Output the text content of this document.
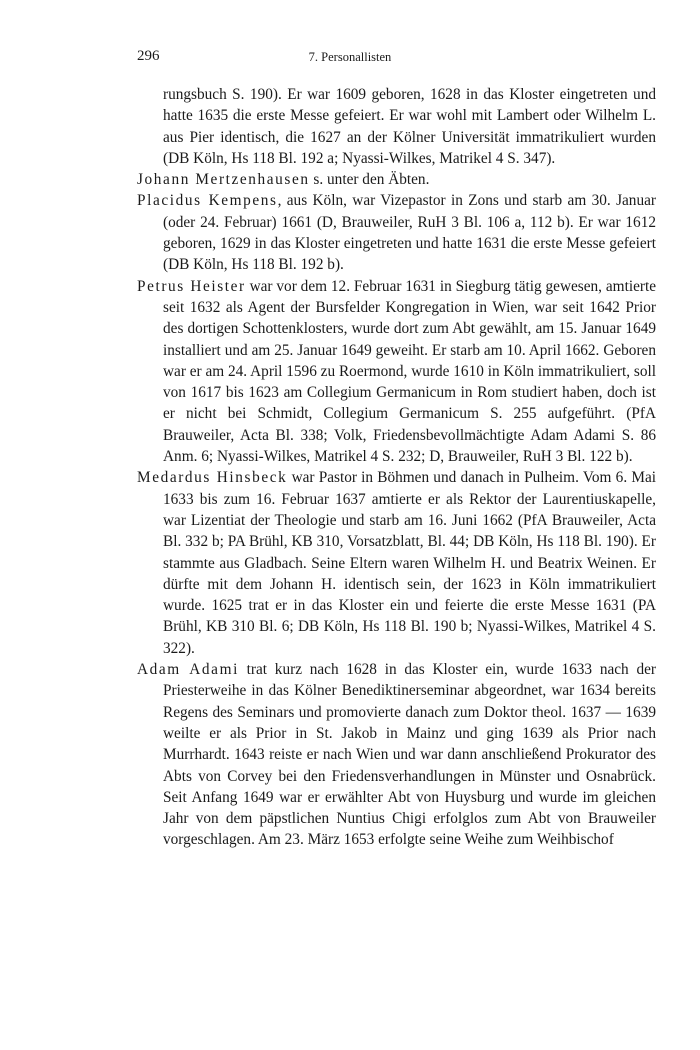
296	7. Personallisten

rungsbuch S. 190). Er war 1609 geboren, 1628 in das Kloster eingetreten und hatte 1635 die erste Messe gefeiert. Er war wohl mit Lambert oder Wilhelm L. aus Pier identisch, die 1627 an der Kölner Universität immatrikuliert wurden (DB Köln, Hs 118 Bl. 192 a; Nyassi-Wilkes, Matrikel 4 S. 347).

Johann Mertzenhausen s. unter den Äbten.

Placidus Kempens, aus Köln, war Vizepastor in Zons und starb am 30. Januar (oder 24. Februar) 1661 (D, Brauweiler, RuH 3 Bl. 106 a, 112 b). Er war 1612 geboren, 1629 in das Kloster eingetreten und hatte 1631 die erste Messe gefeiert (DB Köln, Hs 118 Bl. 192 b).

Petrus Heister war vor dem 12. Februar 1631 in Siegburg tätig gewesen, amtierte seit 1632 als Agent der Bursfelder Kongregation in Wien, war seit 1642 Prior des dortigen Schottenklosters, wurde dort zum Abt gewählt, am 15. Januar 1649 installiert und am 25. Januar 1649 geweiht. Er starb am 10. April 1662. Geboren war er am 24. April 1596 zu Roermond, wurde 1610 in Köln immatrikuliert, soll von 1617 bis 1623 am Collegium Germanicum in Rom studiert haben, doch ist er nicht bei Schmidt, Collegium Germanicum S. 255 aufgeführt. (PfA Brauweiler, Acta Bl. 338; Volk, Friedensbevollmächtigte Adam Adami S. 86 Anm. 6; Nyassi-Wilkes, Matrikel 4 S. 232; D, Brauweiler, RuH 3 Bl. 122 b).

Medardus Hinsbeck war Pastor in Böhmen und danach in Pulheim. Vom 6. Mai 1633 bis zum 16. Februar 1637 amtierte er als Rektor der Laurentiuskapelle, war Lizentiat der Theologie und starb am 16. Juni 1662 (PfA Brauweiler, Acta Bl. 332 b; PA Brühl, KB 310, Vorsatzblatt, Bl. 44; DB Köln, Hs 118 Bl. 190). Er stammte aus Gladbach. Seine Eltern waren Wilhelm H. und Beatrix Weinen. Er dürfte mit dem Johann H. identisch sein, der 1623 in Köln immatrikuliert wurde. 1625 trat er in das Kloster ein und feierte die erste Messe 1631 (PA Brühl, KB 310 Bl. 6; DB Köln, Hs 118 Bl. 190 b; Nyassi-Wilkes, Matrikel 4 S. 322).

Adam Adami trat kurz nach 1628 in das Kloster ein, wurde 1633 nach der Priesterweihe in das Kölner Benediktinerseminar abgeordnet, war 1634 bereits Regens des Seminars und promovierte danach zum Doktor theol. 1637 — 1639 weilte er als Prior in St. Jakob in Mainz und ging 1639 als Prior nach Murrhardt. 1643 reiste er nach Wien und war dann anschließend Prokurator des Abts von Corvey bei den Friedensverhandlungen in Münster und Osnabrück. Seit Anfang 1649 war er erwählter Abt von Huysburg und wurde im gleichen Jahr von dem päpstlichen Nuntius Chigi erfolglos zum Abt von Brauweiler vorgeschlagen. Am 23. März 1653 erfolgte seine Weihe zum Weihbischof
